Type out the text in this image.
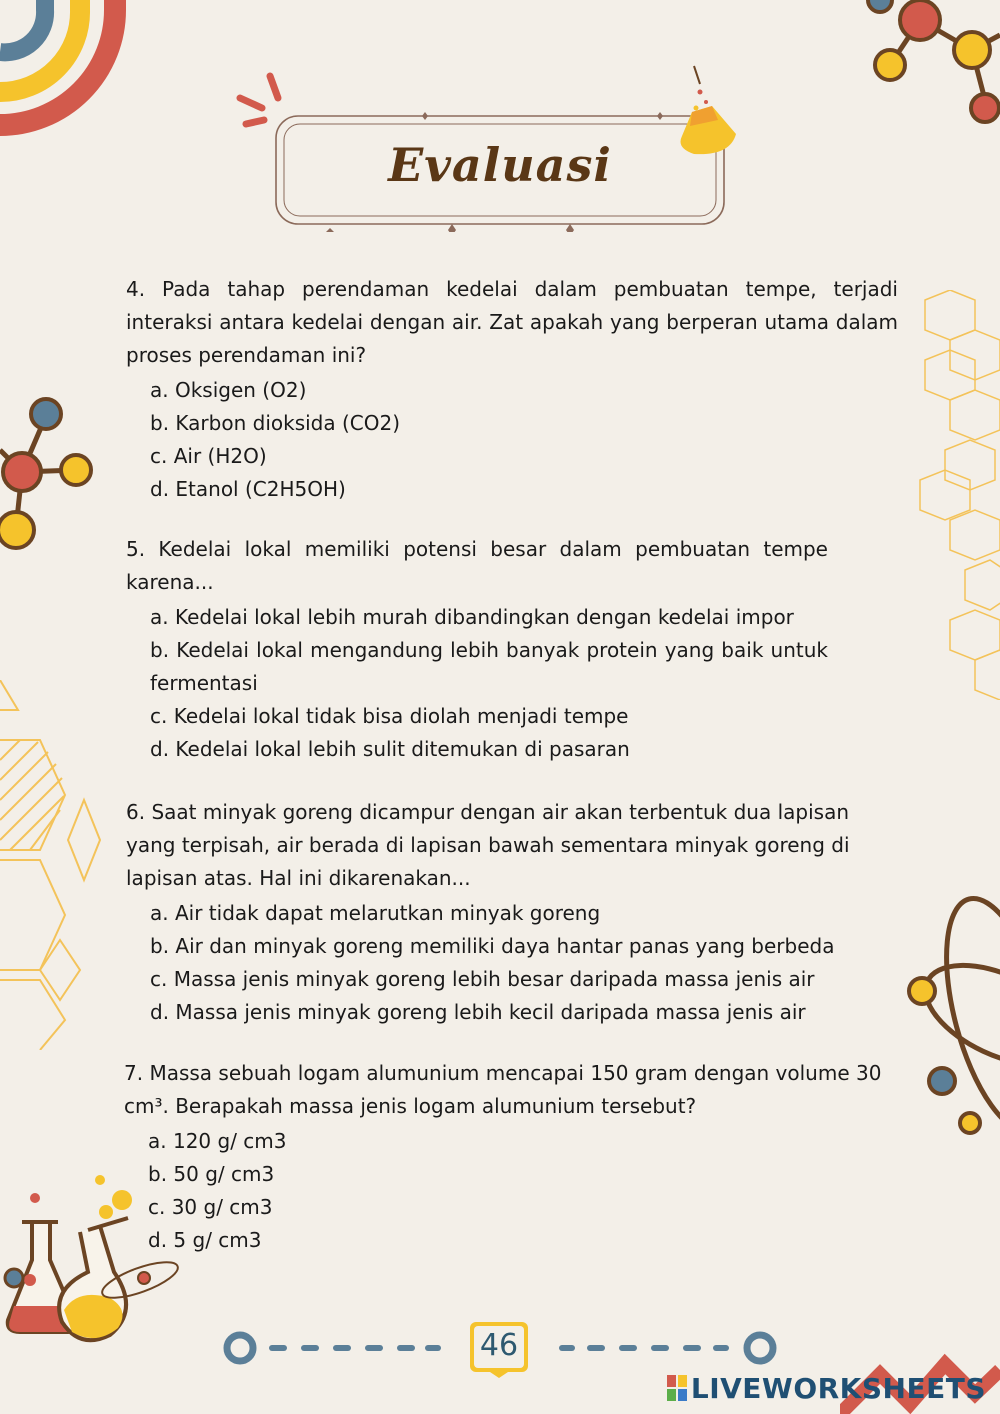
Evaluasi

4. Pada tahap perendaman kedelai dalam pembuatan tempe, terjadi interaksi antara kedelai dengan air. Zat apakah yang berperan utama dalam proses perendaman ini?

a. Oksigen (O2)
b. Karbon dioksida (CO2)
c. Air (H2O)
d. Etanol (C2H5OH)

5. Kedelai lokal memiliki potensi besar dalam pembuatan tempe karena...

a. Kedelai lokal lebih murah dibandingkan dengan kedelai impor
b. Kedelai lokal mengandung lebih banyak protein yang baik untuk fermentasi
c. Kedelai lokal tidak bisa diolah menjadi tempe
d. Kedelai lokal lebih sulit ditemukan di pasaran

6. Saat minyak goreng dicampur dengan air akan terbentuk dua lapisan yang terpisah, air berada di lapisan bawah sementara minyak goreng di lapisan atas. Hal ini dikarenakan...

a. Air tidak dapat melarutkan minyak goreng
b. Air dan minyak goreng memiliki daya hantar panas yang berbeda
c. Massa jenis minyak goreng lebih besar daripada massa jenis air
d. Massa jenis minyak goreng lebih kecil daripada massa jenis air

7. Massa sebuah logam alumunium mencapai 150 gram dengan volume 30 cm³. Berapakah massa jenis logam alumunium tersebut?

a. 120 g/ cm3
b. 50 g/ cm3
c. 30 g/ cm3
d. 5 g/ cm3
46
LIVEWORKSHEETS
